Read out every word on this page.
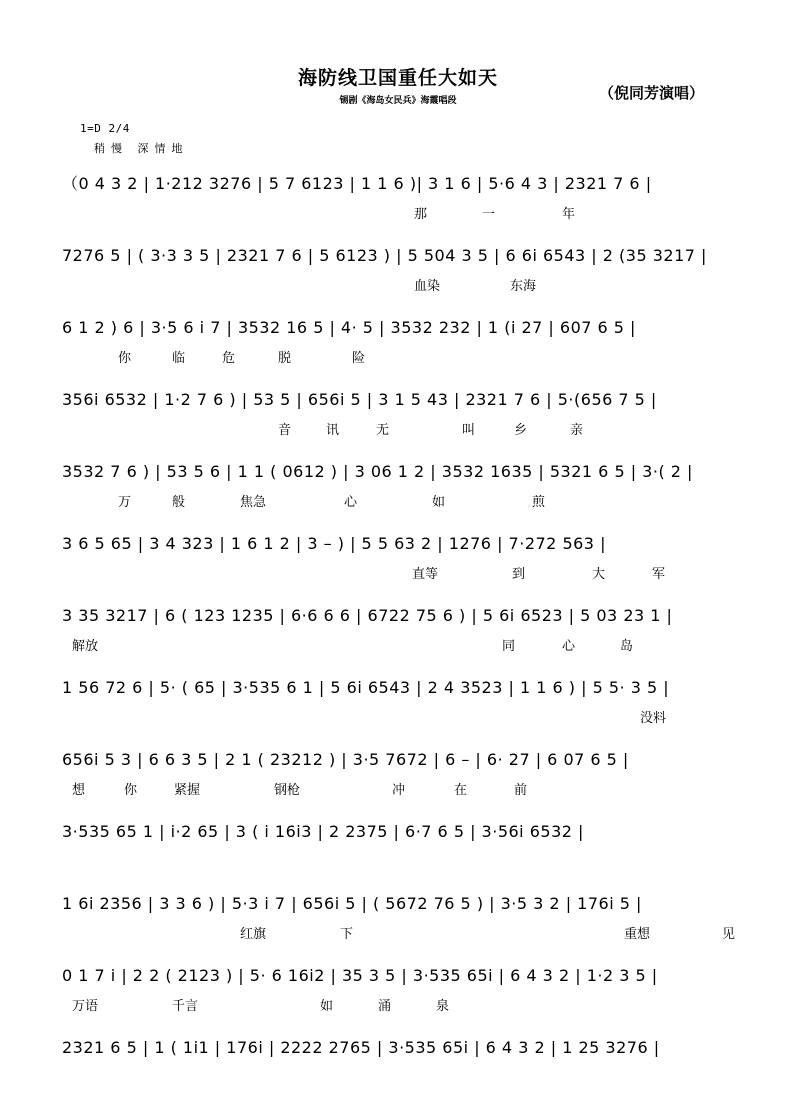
海防线卫国重任大如天
锡剧《海岛女民兵》海霞唱段	（倪同芳演唱）
1=D 2/4
稍慢 深情地
（0 4 3 2 | 1·212 3276 | 5 7 6123 | 1 1 6 )| 3 1 6 | 5·6 4 3 | 2321 7 6 |
那	一	年
7276 5 | ( 3·3 3 5 | 2321 7 6 | 5 6123 ) | 5 504 3 5 | 6 6i 6543 | 2 (35 3217 |
血染	东海
6 1 2 ) 6 | 3·5 6 i 7 | 3532 16 5 | 4· 5 | 3532 232 | 1 (i 27 | 607 6 5 |
你	临	危	脱	险
356i 6532 | 1·2 7 6 ) | 53 5 | 656i 5 | 3 1 5 43 | 2321 7 6 | 5·(656 7 5 |
音	讯	无	叫	乡	亲
3532 7 6 ) | 53 5 6 | 1 1 ( 0612 ) | 3 06 1 2 | 3532 1635 | 5321 6 5 | 3·( 2 |
万	般	焦急	心	如	煎
3 6 5 65 | 3 4 323 | 1 6 1 2 | 3 – ) | 5 5 63 2 | 1276 | 7·272 563 |
直等	到	大	军
3 35 3217 | 6 ( 123 1235 | 6·6 6 6 | 6722 75 6 ) | 5 6i 6523 | 5 03 23 1 |
解放	同	心	岛
1 56 72 6 | 5· ( 65 | 3·535 6 1 | 5 6i 6543 | 2 4 3523 | 1 1 6 ) | 5 5· 3 5 |
没料
656i 5 3 | 6 6 3 5 | 2 1 ( 23212 ) | 3·5 7672 | 6 – | 6· 27 | 6 07 6 5 |
想	你	紧握	钢枪	冲	在	前
3·535 65 1 | i·2 65 | 3 ( i 16i3 | 2 2375 | 6·7 6 5 | 3·56i 6532 |
1 6i 2356 | 3 3 6 ) | 5·3 i 7 | 656i 5 | ( 5672 76 5 ) | 3·5 3 2 | 176i 5 |
红旗	下	重想	见
0 1 7 i | 2 2 ( 2123 ) | 5· 6 16i2 | 35 3 5 | 3·535 65i | 6 4 3 2 | 1·2 3 5 |
万语	千言	如	涌	泉
2321 6 5 | 1 ( 1i1 | 176i | 2222 2765 | 3·535 65i | 6 4 3 2 | 1 25 3276 |
